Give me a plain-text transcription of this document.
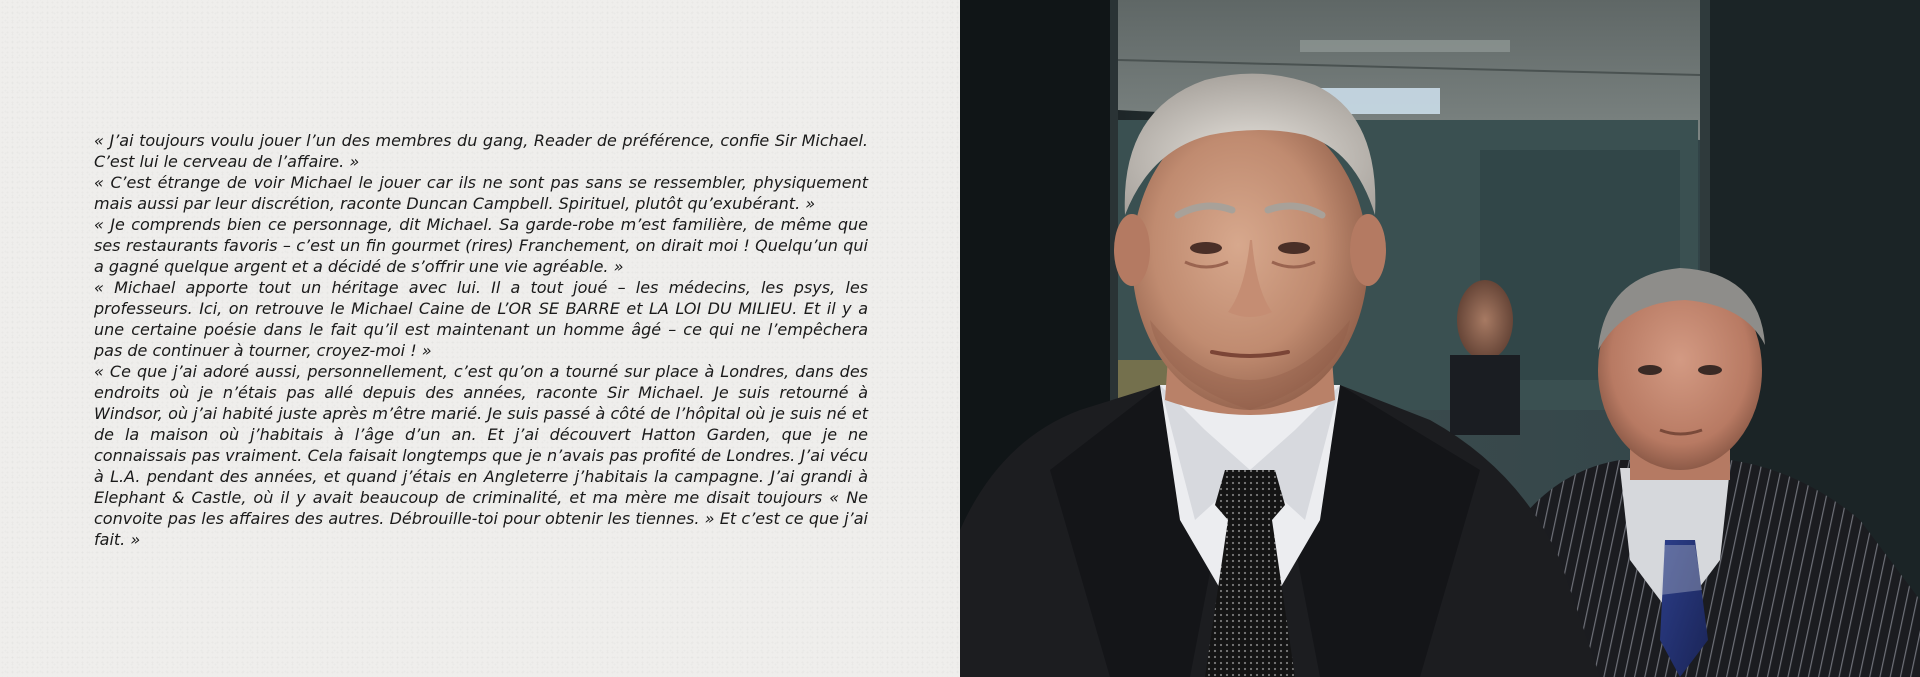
« J’ai toujours voulu jouer l’un des membres du gang, Reader de préférence, confie Sir Michael. C’est lui le cerveau de l’affaire. »

« C’est étrange de voir Michael le jouer car ils ne sont pas sans se ressembler, physiquement mais aussi par leur discrétion, raconte Duncan Campbell. Spirituel, plutôt qu’exubérant. »

« Je comprends bien ce personnage, dit Michael. Sa garde-robe m’est familière, de même que ses restaurants favoris – c’est un fin gourmet (rires) Franchement, on dirait moi ! Quelqu’un qui a gagné quelque argent et a décidé de s’offrir une vie agréable. »

« Michael apporte tout un héritage avec lui. Il a tout joué – les médecins, les psys, les professeurs. Ici, on retrouve le Michael Caine de L’OR SE BARRE et LA LOI DU MILIEU. Et il y a une certaine poésie dans le fait qu’il est maintenant un homme âgé – ce qui ne l’empêchera pas de continuer à tourner, croyez-moi ! »

« Ce que j’ai adoré aussi, personnellement, c’est qu’on a tourné sur place à Londres, dans des endroits où je n’étais pas allé depuis des années, raconte Sir Michael. Je suis retourné à Windsor, où j’ai habité juste après m’être marié. Je suis passé à côté de l’hôpital où je suis né et de la maison où j’habitais à l’âge d’un an. Et j’ai découvert Hatton Garden, que je ne connaissais pas vraiment. Cela faisait longtemps que je n’avais pas profité de Londres. J’ai vécu à L.A. pendant des années, et quand j’étais en Angleterre j’habitais la campagne. J’ai grandi à Elephant & Castle, où il y avait beaucoup de criminalité, et ma mère me disait toujours « Ne convoite pas les affaires des autres. Débrouille-toi pour obtenir les tiennes. » Et c’est ce que j’ai fait. »
